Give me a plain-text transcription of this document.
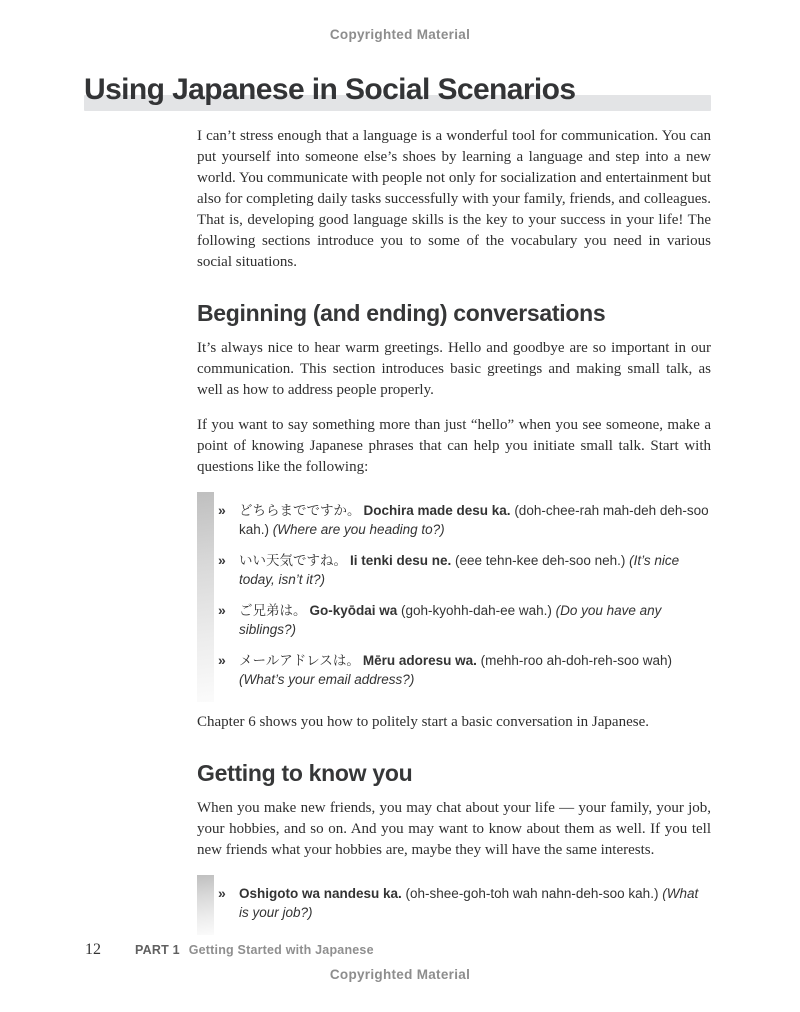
Copyrighted Material
Using Japanese in Social Scenarios

I can’t stress enough that a language is a wonderful tool for communication. You can put yourself into someone else’s shoes by learning a language and step into a new world. You communicate with people not only for socialization and entertainment but also for completing daily tasks successfully with your family, friends, and colleagues. That is, developing good language skills is the key to your success in your life! The following sections introduce you to some of the vocabulary you need in various social situations.

Beginning (and ending) conversations

It’s always nice to hear warm greetings. Hello and goodbye are so important in our communication. This section introduces basic greetings and making small talk, as well as how to address people properly.

If you want to say something more than just “hello” when you see someone, make a point of knowing Japanese phrases that can help you initiate small talk. Start with questions like the following:

» どちらまでですか。 Dochira made desu ka. (doh-chee-rah mah-deh deh-soo kah.) (Where are you heading to?)
» いい天気ですね。 Ii tenki desu ne. (eee tehn-kee deh-soo neh.) (It’s nice today, isn’t it?)
» ご兄弟は。 Go-kyōdai wa (goh-kyohh-dah-ee wah.) (Do you have any siblings?)
» メールアドレスは。 Mēru adoresu wa. (mehh-roo ah-doh-reh-soo wah) (What’s your email address?)

Chapter 6 shows you how to politely start a basic conversation in Japanese.

Getting to know you

When you make new friends, you may chat about your life — your family, your job, your hobbies, and so on. And you may want to know about them as well. If you tell new friends what your hobbies are, maybe they will have the same interests.

» Oshigoto wa nandesu ka. (oh-shee-goh-toh wah nahn-deh-soo kah.) (What is your job?)
12	PART 1 Getting Started with Japanese
Copyrighted Material
